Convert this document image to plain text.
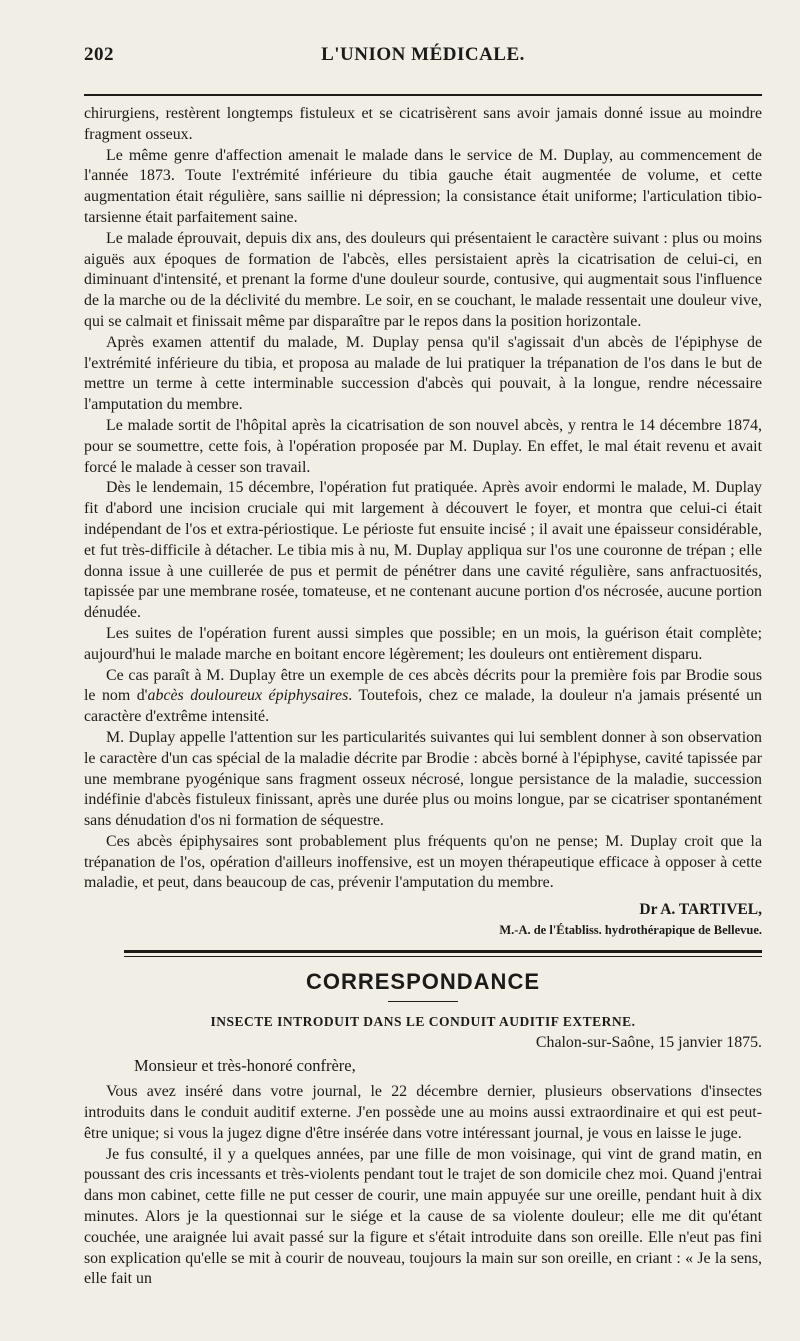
202	L'UNION MÉDICALE.

chirurgiens, restèrent longtemps fistuleux et se cicatrisèrent sans avoir jamais donné issue au moindre fragment osseux.

Le même genre d'affection amenait le malade dans le service de M. Duplay, au commencement de l'année 1873. Toute l'extrémité inférieure du tibia gauche était augmentée de volume, et cette augmentation était régulière, sans saillie ni dépression; la consistance était uniforme; l'articulation tibio-tarsienne était parfaitement saine.

Le malade éprouvait, depuis dix ans, des douleurs qui présentaient le caractère suivant : plus ou moins aiguës aux époques de formation de l'abcès, elles persistaient après la cicatrisation de celui-ci, en diminuant d'intensité, et prenant la forme d'une douleur sourde, contusive, qui augmentait sous l'influence de la marche ou de la déclivité du membre. Le soir, en se couchant, le malade ressentait une douleur vive, qui se calmait et finissait même par disparaître par le repos dans la position horizontale.

Après examen attentif du malade, M. Duplay pensa qu'il s'agissait d'un abcès de l'épiphyse de l'extrémité inférieure du tibia, et proposa au malade de lui pratiquer la trépanation de l'os dans le but de mettre un terme à cette interminable succession d'abcès qui pouvait, à la longue, rendre nécessaire l'amputation du membre.

Le malade sortit de l'hôpital après la cicatrisation de son nouvel abcès, y rentra le 14 décembre 1874, pour se soumettre, cette fois, à l'opération proposée par M. Duplay. En effet, le mal était revenu et avait forcé le malade à cesser son travail.

Dès le lendemain, 15 décembre, l'opération fut pratiquée. Après avoir endormi le malade, M. Duplay fit d'abord une incision cruciale qui mit largement à découvert le foyer, et montra que celui-ci était indépendant de l'os et extra-périostique. Le périoste fut ensuite incisé ; il avait une épaisseur considérable, et fut très-difficile à détacher. Le tibia mis à nu, M. Duplay appliqua sur l'os une couronne de trépan ; elle donna issue à une cuillerée de pus et permit de pénétrer dans une cavité régulière, sans anfractuosités, tapissée par une membrane rosée, tomateuse, et ne contenant aucune portion d'os nécrosée, aucune portion dénudée.

Les suites de l'opération furent aussi simples que possible; en un mois, la guérison était complète; aujourd'hui le malade marche en boitant encore légèrement; les douleurs ont entièrement disparu.

Ce cas paraît à M. Duplay être un exemple de ces abcès décrits pour la première fois par Brodie sous le nom d'abcès douloureux épiphysaires. Toutefois, chez ce malade, la douleur n'a jamais présenté un caractère d'extrême intensité.

M. Duplay appelle l'attention sur les particularités suivantes qui lui semblent donner à son observation le caractère d'un cas spécial de la maladie décrite par Brodie : abcès borné à l'épiphyse, cavité tapissée par une membrane pyogénique sans fragment osseux nécrosé, longue persistance de la maladie, succession indéfinie d'abcès fistuleux finissant, après une durée plus ou moins longue, par se cicatriser spontanément sans dénudation d'os ni formation de séquestre.

Ces abcès épiphysaires sont probablement plus fréquents qu'on ne pense; M. Duplay croit que la trépanation de l'os, opération d'ailleurs inoffensive, est un moyen thérapeutique efficace à opposer à cette maladie, et peut, dans beaucoup de cas, prévenir l'amputation du membre.

Dr A. TARTIVEL,
M.-A. de l'Établiss. hydrothérapique de Bellevue.
CORRESPONDANCE
INSECTE INTRODUIT DANS LE CONDUIT AUDITIF EXTERNE.
Chalon-sur-Saône, 15 janvier 1875.
Monsieur et très-honoré confrère,

Vous avez inséré dans votre journal, le 22 décembre dernier, plusieurs observations d'insectes introduits dans le conduit auditif externe. J'en possède une au moins aussi extraordinaire et qui est peut-être unique; si vous la jugez digne d'être insérée dans votre intéressant journal, je vous en laisse le juge.

Je fus consulté, il y a quelques années, par une fille de mon voisinage, qui vint de grand matin, en poussant des cris incessants et très-violents pendant tout le trajet de son domicile chez moi. Quand j'entrai dans mon cabinet, cette fille ne put cesser de courir, une main appuyée sur une oreille, pendant huit à dix minutes. Alors je la questionnai sur le siége et la cause de sa violente douleur; elle me dit qu'étant couchée, une araignée lui avait passé sur la figure et s'était introduite dans son oreille. Elle n'eut pas fini son explication qu'elle se mit à courir de nouveau, toujours la main sur son oreille, en criant : « Je la sens, elle fait un
